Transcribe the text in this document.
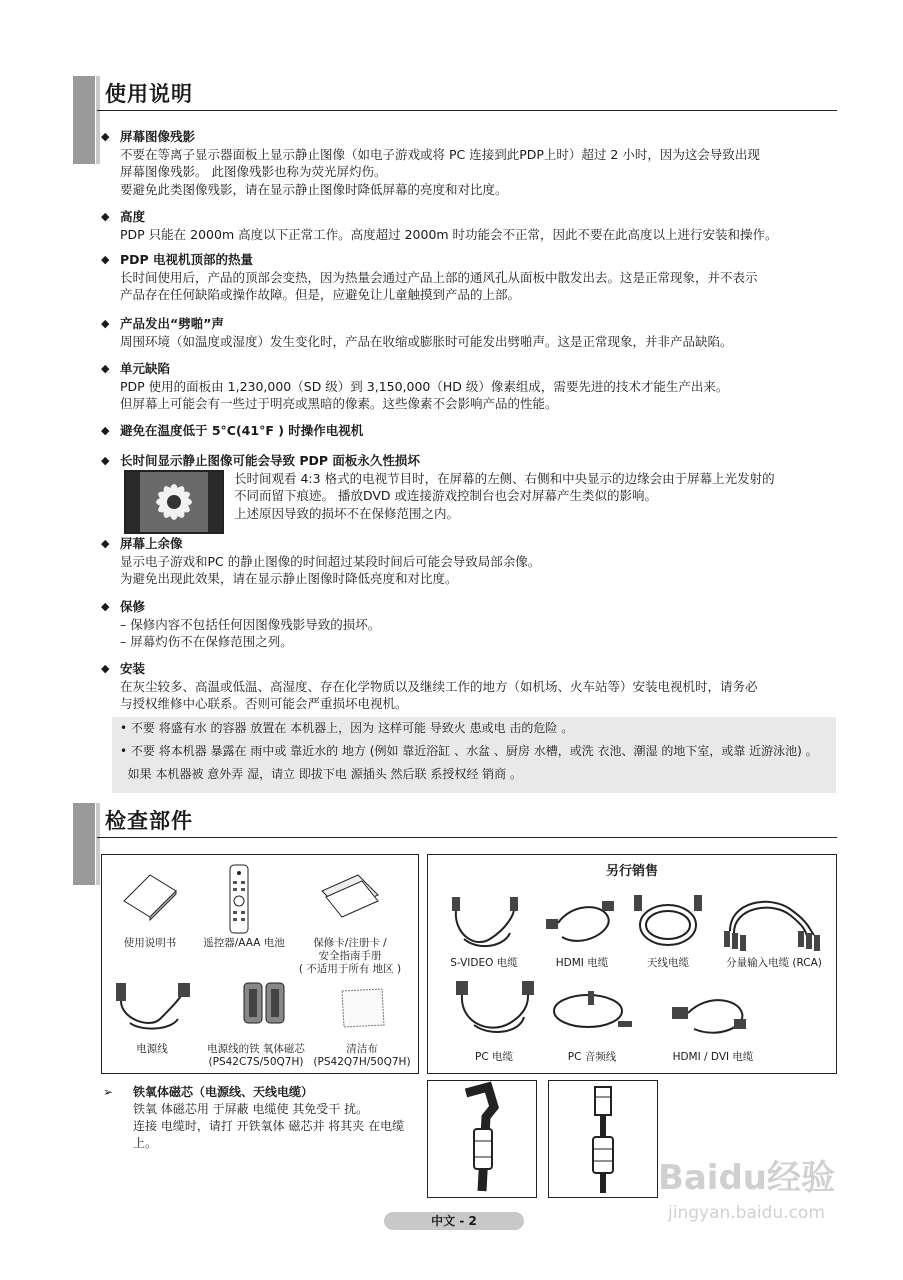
使用说明
◆ 屏幕图像残影

不要在等离子显示器面板上显示静止图像（如电子游戏或将 PC 连接到此PDP上时）超过 2 小时，因为这会导致出现

屏幕图像残影。 此图像残影也称为荧光屏灼伤。

要避免此类图像残影，请在显示静止图像时降低屏幕的亮度和对比度。

◆ 高度

PDP 只能在 2000m 高度以下正常工作。高度超过 2000m 时功能会不正常，因此不要在此高度以上进行安装和操作。

◆ PDP 电视机顶部的热量

长时间使用后，产品的顶部会变热，因为热量会通过产品上部的通风孔从面板中散发出去。这是正常现象，并不表示

产品存在任何缺陷或操作故障。但是，应避免让儿童触摸到产品的上部。

◆ 产品发出“劈啪”声

周围环境（如温度或湿度）发生变化时，产品在收缩或膨胀时可能发出劈啪声。这是正常现象，并非产品缺陷。

◆ 单元缺陷

PDP 使用的面板由 1,230,000（SD 级）到 3,150,000（HD 级）像素组成，需要先进的技术才能生产出来。

但屏幕上可能会有一些过于明亮或黑暗的像素。这些像素不会影响产品的性能。

◆ 避免在温度低于 5°C(41°F ) 时操作电视机
◆ 长时间显示静止图像可能会导致 PDP 面板永久性损坏

长时间观看 4:3 格式的电视节目时，在屏幕的左侧、右侧和中央显示的边缘会由于屏幕上光发射的

不同而留下痕迹。 播放DVD 或连接游戏控制台也会对屏幕产生类似的影响。

上述原因导致的损坏不在保修范围之内。

◆ 屏幕上余像

显示电子游戏和PC 的静止图像的时间超过某段时间后可能会导致局部余像。

为避免出现此效果，请在显示静止图像时降低亮度和对比度。

◆ 保修

– 保修内容不包括任何因图像残影导致的损坏。

– 屏幕灼伤不在保修范围之列。

◆ 安装

在灰尘较多、高温或低温、高湿度、存在化学物质以及继续工作的地方（如机场、火车站等）安装电视机时，请务必

与授权维修中心联系。否则可能会严重损坏电视机。

• 不要 将盛有水 的容器 放置在 本机器上，因为 这样可能 导致火 患或电 击的危险 。

• 不要 将本机器 暴露在 雨中或 靠近水的 地方 (例如 靠近浴缸 、水盆 、厨房 水槽，或洗 衣池、潮湿 的地下室，或靠 近游泳池) 。

如果 本机器被 意外弄 湿，请立 即拔下电 源插头 然后联 系授权经 销商 。

检查部件
使用说明书	遥控器/AAA 电池	保修卡/注册卡 /
安全指南手册
( 不适用于所有 地区 )
电源线	电源线的铁 氧体磁芯
(PS42C7S/50Q7H)
清洁布
(PS42Q7H/50Q7H)
另行销售
S-VIDEO 电缆	HDMI 电缆	天线电缆	分量输入电缆 (RCA)
PC 电缆	PC 音频线	HDMI / DVI 电缆
➢ 铁氧体磁芯（电源线、天线电缆）
铁氧 体磁芯用 于屏蔽 电缆使 其免受干 扰。
连接 电缆时，请打 开铁氧体 磁芯并 将其夹 在电缆
上。
中文 - 2
Baidu经验
jingyan.baidu.com
